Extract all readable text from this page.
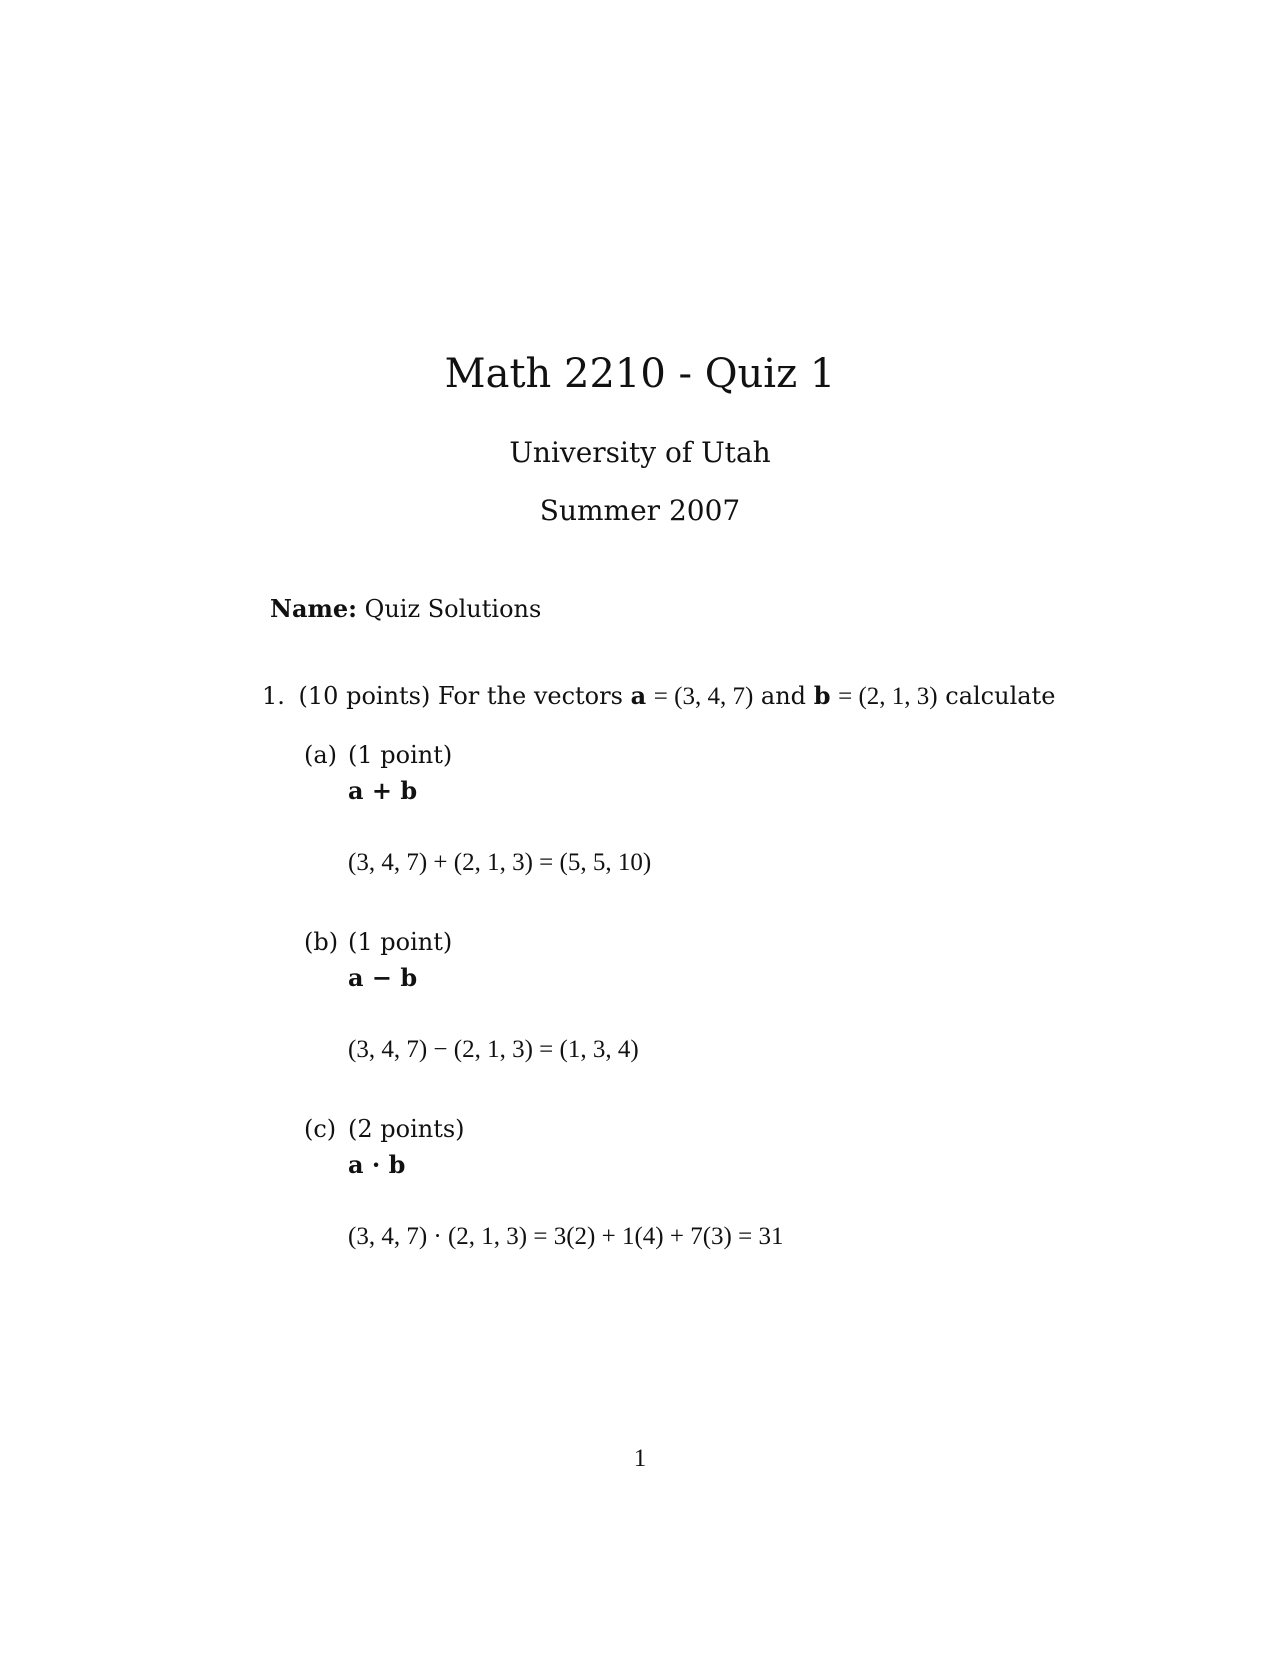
Math 2210 - Quiz 1
University of Utah
Summer 2007
Name: Quiz Solutions
1. (10 points) For the vectors a = (3, 4, 7) and b = (2, 1, 3) calculate
(a) (1 point)
a + b
(3, 4, 7) + (2, 1, 3) = (5, 5, 10)
(b) (1 point)
a − b
(3, 4, 7) − (2, 1, 3) = (1, 3, 4)
(c) (2 points)
a · b
(3, 4, 7) · (2, 1, 3) = 3(2) + 1(4) + 7(3) = 31
1
